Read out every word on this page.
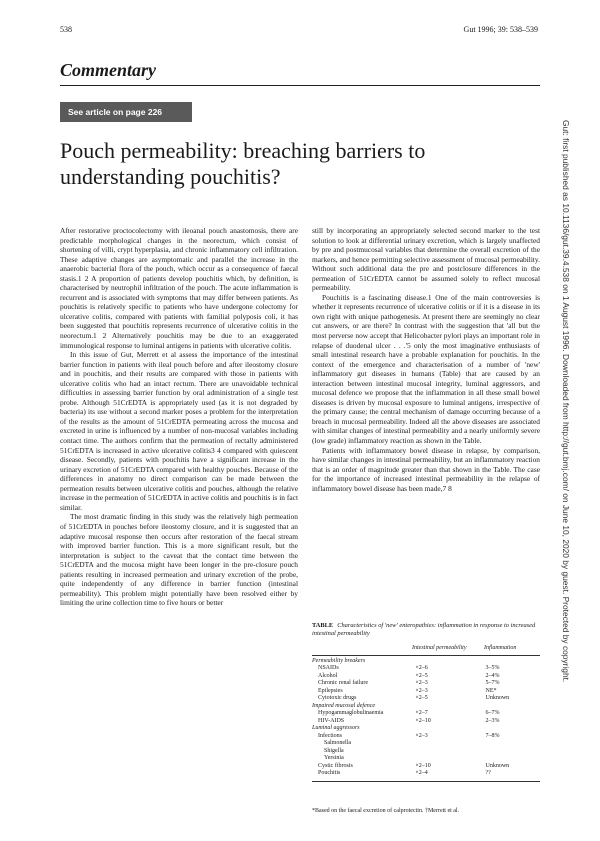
538	Gut 1996; 39: 538–539
Commentary
See article on page 226
Pouch permeability: breaching barriers to understanding pouchitis?	Gut: first published as 10.1136/gut.39.4.538 on 1 August 1996. Downloaded from http://gut.bmj.com/ on June 10, 2020 by guest. Protected by copyright.

After restorative proctocolectomy with ileoanal pouch anastomosis, there are predictable morphological changes in the neorectum, which consist of shortening of villi, crypt hyperplasia, and chronic inflammatory cell infiltration. These adaptive changes are asymptomatic and parallel the increase in the anaerobic bacterial flora of the pouch, which occur as a consequence of faecal stasis.1 2 A proportion of patients develop pouchitis which, by definition, is characterised by neutrophil infiltration of the pouch. The acute inflammation is recurrent and is associated with symptoms that may differ between patients. As pouchitis is relatively specific to patients who have undergone colectomy for ulcerative colitis, compared with patients with familial polyposis coli, it has been suggested that pouchitis represents recurrence of ulcerative colitis in the neorectum.1 2 Alternatively pouchitis may be due to an exaggerated immunological response to luminal antigens in patients with ulcerative colitis.

In this issue of Gut, Merrett et al assess the importance of the intestinal barrier function in patients with ileal pouch before and after ileostomy closure and in pouchitis, and their results are compared with those in patients with ulcerative colitis who had an intact rectum. There are unavoidable technical difficulties in assessing barrier function by oral administration of a single test probe. Although 51CrEDTA is appropriately used (as it is not degraded by bacteria) its use without a second marker poses a problem for the interpretation of the results as the amount of 51CrEDTA permeating across the mucosa and excreted in urine is influenced by a number of non-mucosal variables including contact time. The authors confirm that the permeation of rectally administered 51CrEDTA is increased in active ulcerative colitis3 4 compared with quiescent disease. Secondly, patients with pouchitis have a significant increase in the urinary excretion of 51CrEDTA compared with healthy pouches. Because of the differences in anatomy no direct comparison can be made between the permeation results between ulcerative colitis and pouches, although the relative increase in the permeation of 51CrEDTA in active colitis and pouchitis is in fact similar.

The most dramatic finding in this study was the relatively high permeation of 51CrEDTA in pouches before ileostomy closure, and it is suggested that an adaptive mucosal response then occurs after restoration of the faecal stream with improved barrier function. This is a more significant result, but the interpretation is subject to the caveat that the contact time between the 51CrEDTA and the mucosa might have been longer in the pre-closure pouch patients resulting in increased permeation and urinary excretion of the probe, quite independently of any difference in barrier function (intestinal permeability). This problem might potentially have been resolved either by limiting the urine collection time to five hours or better

still by incorporating an appropriately selected second marker to the test solution to look at differential urinary excretion, which is largely unaffected by pre and postmucosal variables that determine the overall excretion of the markers, and hence permitting selective assessment of mucosal permeability. Without such additional data the pre and postclosure differences in the permeation of 51CrEDTA cannot be assumed solely to reflect mucosal permeability.

Pouchitis is a fascinating disease.1 One of the main controversies is whether it represents recurrence of ulcerative colitis or if it is a disease in its own right with unique pathogenesis. At present there are seemingly no clear cut answers, or are there? In contrast with the suggestion that 'all but the most perverse now accept that Helicobacter pylori plays an important role in relapse of duodenal ulcer . . .'5 only the most imaginative enthusiasts of small intestinal research have a probable explanation for pouchitis. In the context of the emergence and characterisation of a number of 'new' inflammatory gut diseases in humans (Table) that are caused by an interaction between intestinal mucosal integrity, luminal aggressors, and mucosal defence we propose that the inflammation in all these small bowel diseases is driven by mucosal exposure to luminal antigens, irrespective of the primary cause; the central mechanism of damage occurring because of a breach in mucosal permeability. Indeed all the above diseases are associated with similar changes of intestinal permeability and a nearly uniformly severe (low grade) inflammatory reaction as shown in the Table.

Patients with inflammatory bowel disease in relapse, by comparison, have similar changes in intestinal permeability, but an inflammatory reaction that is an order of magnitude greater than that shown in the Table. The case for the importance of increased intestinal permeability in the relapse of inflammatory bowel disease has been made,7 8

TABLE Characteristics of 'new' enteropathies: inflammation in response to increased intestinal permeability
Intestinal permeability	Inflammation
Permeability breakers
NSAIDs	×2–6	3–5%
Alcohol	×2–5	2–4%
Chronic renal failure	×2–3	5–7%
Epilepsies	×2–3	NE*
Cytotoxic drugs	×2–5	Unknown
Impaired mucosal defence
Hypogammaglobulinaemia	×2–7	6–7%
HIV-AIDS	×2–10	2–3%
Luminal aggressors
Infections	×2–3	7–8%
Salmonella
Shigella
Yersinia
Cystic fibrosis	×2–10	Unknown
Pouchitis	×2–4	??
*Based on the faecal excretion of calprotectin. †Merrett et al.
